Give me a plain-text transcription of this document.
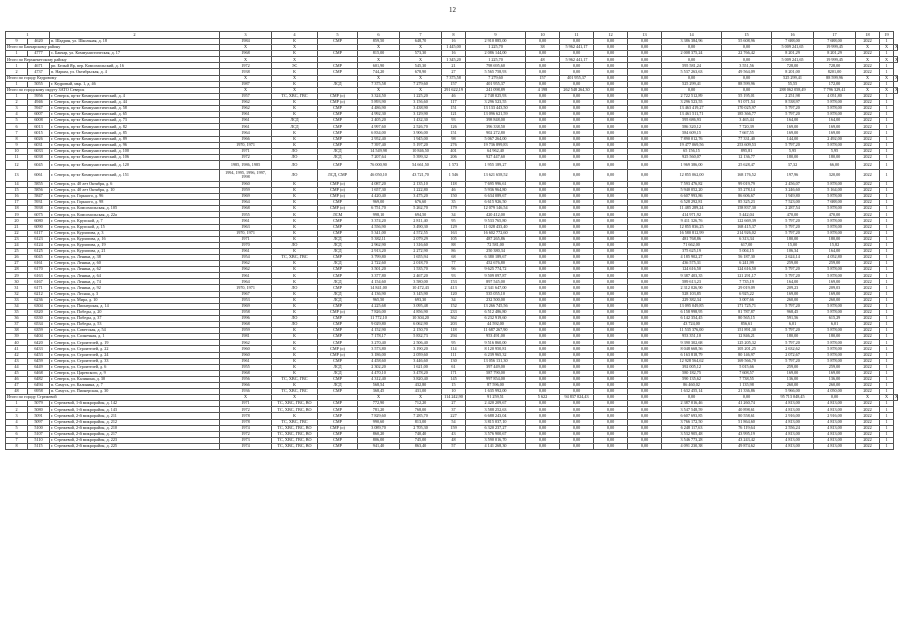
12
1		2	3	4	5	6	7	8	9	10	11	12	13	14	15	16	17	18	19	
9	4620	п. Шадрин, ул. Школьная, д. 18	1984	К	СМР	859,50	648,70	16	2 910 885,00	0,00	0,00	0,00	0,00	3 386 384,96	55 608,96	7 688,00	7 688,00	2022	1	
Итого по Бакчарскому району			X	X		X	X	1 445,00	1 225,70	38	5 962 441,17	0,00	0,00	0,00	0,00	5 009 241,65	19 999,45	X	X	X
1	4777	с. Бакчар, ул. Коммунистическая, д. 17	1968	К	СМР	815,00	573,30	16	2 086 144,00	0,00	0,00	0,00	0,00	2 008 375,24	22 766,42	8 201,29	8 201,29	2022	1	
Итого по Верхнекетскому району			X	X		X	X	1 345,20	1 225,70	48	5 962 441,17	0,00	0,00	0,00	0,00	5 009 241,65	19 999,45	X	X	X
1	4671	рп. Белый Яр, пер. Комсомольский, д. 16	1972	ЭС	СМР	601,90	545,30	21	798 695,60	0,00	0,00	0,00	0,00	595 581,24	3 551,56	728,00	728,00	2022	1	
2	4737	п. Нарым, ул. Октябрьская, д. 4	1938	К	СМР	744,20	678,90	27	5 565 758,93	0,00	0,00	0,00	0,00	5 537 263,63	49 564,09	8 201,00	8201,00	2022	1	
Итого по городу Кедровому			X	X		X	X	7 375,58	7 279,60	157	401 955,37	0,00	0,00	0,00	0,00	525 299,41	88 599,96	X	X	X
1	5055	г. Кедровый, мкр. 1, д. 46	1987	К	ЛСД	7 375,58	7 279,60	157	401 955,37	0,00	0,00	0,00	0,00	525 299,41	88 599,96	55,55	172,00	2022	1	
Итого по городскому округу ЗАТО Северск			X	X		X	X	291 622,19	241 098,89	4 198	262 548 264,30	0,00	0,00	0,00	0,00	288 062 058,49	7 796 329,41	X	X	X
1	5956	г. Северск, пр-кт Коммунистический, д. 4	1957	ТС, ХВС, ГВС	СМР (о)	3 324,50	1 225,20	46	2 748 025,93	0,00	0,00	0,00	0,00	2 722 512,89	55 195,01	2 251,98	4 051,80	2022	1	
2	4946	г. Северск, пр-кт Коммунистический, д. 44	1962	К	СМР (о)	5 893,90	3 156,60	117	3 296 523,55	0,00	0,00	0,00	0,00	3 296 523,55	91 071,54	8 538,97	5 878,00	2022	1	
3	5947	г. Северск, пр-кт Коммунистический, д. 58	1962	К	СМР	4 486,90	3 438,90	151	13 133 443,50	0,00	0,00	0,00	0,00	13 463 419,27	170 025,97	5 797,20	5 878,00	2022	1	
4	6007	г. Северск, пр-кт Коммунистический, д. 65	1961	К	СМР	4 992,30	3 129,90	121	13 096 621,59	0,00	0,00	0,00	0,00	13 461 511,71	185 366,77	5 797,20	5 878,00	2022	1	
5	6008	г. Северск, пр-кт Коммунистический, д. 73	1961	ЛСД	СМР	2 405,20	1 432,30	93	398 848,00	0,00	0,00	0,00	0,00	595 686,93	3 465,44	164,00	164,00	2022	1	
6	6013	г. Северск, пр-кт Коммунистический, д. 82	1961	ЛСД	СМР	4 997,60	2 526,70	126	396 338,50	0,00	0,00	0,00	0,00	586 320,12	7 720,39	169,00	169,00	2022	1	
7	6015	г. Северск, пр-кт Коммунистический, д. 85	1964	К	СМР	6 834,00	3 906,00	151	902 272,80	0,00	0,00	0,00	0,00	584 609,15	7 667,55	169,00	169,00	2022	1	
8	6026	г. Северск, пр-кт Коммунистический, д. 89	1966	К	СМР	2 952,40	1 945,00	98	5 067 264,00	0,00	0,00	0,00	0,00	7 890 012,76	77 331,40	144,00	2 492,00	2022	1	
9	6031	г. Северск, пр-кт Коммунистический, д. 96	1970, 1971	К	СМР	7 397,40	5 197,20	276	19 736 899,83	0,00	0,00	0,00	0,00	19 477 069,56	253 609,53	5 797,20	5 878,00	2022	1	
10	6033	г. Северск, пр-кт Коммунистический, д. 100	1971	ЛО	ЛСД	14 549,98	10 846,50	401	64 962,40	0,00	0,00	0,00	0,00	65 156,15	895,81	5,95	5,95	2022	1	
11	6038	г. Северск, пр-кт Коммунистический, д. 106	1972	ЛО	ЛСД	7 207,64	5 399,32	206	927 447,60	0,00	0,00	0,00	0,00	925 560,07	12 136,77	180,00	180,00	2022	1	
12	6045	г. Северск, пр-кт Коммунистический, д. 120	1985, 1986, 1985	ЛО	СМР	76 000,90	54 661,50	1 573	1 955 189,27	0,00	0,00	0,00	0,00	1 969 386,00	25 628,47	37,32	66,00	2022	1	
13	6061	г. Северск, пр-кт Коммунистический, д. 151	1994, 1995, 1996, 1997, 1998	ЛО	ЛСД, СМР	46 050,10	43 721,70	1 546	13 621 658,52	0,00	0,00	0,00	0,00	12 855 062,00	168 176,52	197,96	320,00	2022	1	
14	5855	г. Северск, ул. 40 лет Октября, д. 6	1960	К	СМР (о)	4 087,20	2 135,10	118	7 695 996,61	0,00	0,00	0,00	0,00	7 593 476,82	99 019,79	2 456,07	5 878,00	2022	1	
15	5856	г. Северск, ул. 40 лет Октября, д. 10	1959	К	СМР (о)	1 657,30	1 222,80	46	5 936 964,80	0,00	0,00	0,00	0,00	5 940 052,20	55 278,14	3 246,60	5 164,00	2022	1	
16	5847	г. Северск, ул. Горького, д. 96	1969	К	СМР (о)	4 420,40	3 475,20	150	6 634 089,67	0,00	0,00	0,00	0,00	6 607 993,86	86 606,67	1 949,80	5 878,00	2022	1	
17	5931	г. Северск, ул. Горького, д. 98	1964	К	СМР	969,00	676,60	35	6 615 926,50	0,00	0,00	0,00	0,00	6 528 292,81	85 325,23	7 523,00	7 688,00	2022	1	
18	5938	г. Северск, ул. Комсомольская, д. 105	1968	К	СМР (о)	6 751,70	5 262,70	179	12 079 146,54	0,00	0,00	0,00	0,00	11 485 289,24	158 837,30	2 287,54	5 878,00	2022	1	
19	6075	г. Северск, ул. Комсомольская, д. 22а	1955	К	ЛСМ	998,10	694,50	34	420 412,00	0,00	0,00	0,00	0,00	414 971,92	5 442,04	470,00	470,00	2022	1	
20	6080	г. Северск, ул. Крупской, д. 7	1961	К	СМР	3 374,20	2 811,40	95	9 533 765,80	0,00	0,00	0,00	0,00	9 411 326,76	122 669,39	5 797,20	5 878,00	2022	1	
21	6090	г. Северск, ул. Крупской, д. 15	1963	К	СМР	4 556,90	3 490,30	129	11 028 433,40	0,00	0,00	0,00	0,00	12 855 836,25	168 415,37	5 797,20	5 878,00	2022	1	
22	6117	г. Северск, ул. Курчатова, д. 3	1970, 1971	К	СМР	5 341,00	4 572,55	163	16 602 772,60	0,00	0,00	0,00	0,00	16 580 812,99	214 926,02	5 797,20	5 878,00	2022	1	
23	6123	г. Северск, ул. Курчатова, д. 16	1971	К	ЛСД	5 382,11	2 079,29	105	487 265,86	0,00	0,00	0,00	0,00	481 768,86	6 313,34	180,00	180,00	2022	1	
24	6124	г. Северск, ул. Курчатова, д. 19	1970	ЛО	ЛСД	2 962,90	1 316,60	88	72 581,00	0,00	0,00	0,00	0,00	71 662,00	617,00	15,00	15,82	2022	1	
25	6125	г. Северск, ул. Курчатова, д. 21	1961	К	ЛСД	2 913,20	2 272,90	86	250 380,34	0,00	0,00	0,00	0,00	375 625,19	5 004,15	106,34	164,00	2022	1	
26	6045	г. Северск, ул. Ленина, д. 38	1954	ТС, ХВС, ГВС	СМР	3 799,80	1 655,94	68	6 380 189,67	0,00	0,00	0,00	0,00	4 185 902,27	56 187,30	2 624,14	4 052,80	2022	1	
27	6161	г. Северск, ул. Ленина, д. 60	1962	К	ЛСД	2 722,60	2 018,70	77	452 676,80	0,00	0,00	0,00	0,00	436 575,31	6 241,99	259,00	259,00	2022	1	
28	6170	г. Северск, ул. Ленина, д. 62	1962	К	СМР	3 501,20	1 535,70	96	9 625 774,72	0,00	0,00	0,00	0,00	124 616,50	124 616,50	5 797,20	5 878,00	2022	1	
29	6163	г. Северск, ул. Ленина, д. 64	1961	К	СМР	3 377,80	2 467,20	93	9 509 097,87	0,00	0,00	0,00	0,00	9 387 403,35	121 291,17	5 797,20	5 878,00	2022	1	
30	6167	г. Северск, ул. Ленина, д. 74	1964	К	ЛСД	4 154,60	3 580,00	153	897 545,00	0,00	0,00	0,00	0,00	589 613,23	7 735,19	164,00	169,00	2022	1	
31	6171	г. Северск, ул. Ленина, д. 92	1970, 1971	ЛО	СМР	14 841,00	10 472,43	413	2 341 647,00	0,00	0,00	0,00	0,00	2 312 026,90	29 019,09	209,23	209,03	2022	1	
32	6212	г. Северск, ул. Лесная, д. 3	1967	К	ЛСД	4 136,90	3 145,90	120	535 055,10	0,00	0,00	0,00	0,00	528 103,85	6 925,22	169,00	169,00	2022	1	
33	6236	г. Северск, ул. Мира, д. 10	1953	К	ЛСД	965,50	693,30	34	232 500,00	0,00	0,00	0,00	0,00	229 382,34	3 007,66	260,00	260,00	2022	1	
34	6304	г. Северск, ул. Пионерская, д. 14	1969	К	СМР	4 225,68	3 095,48	152	13 266 745,56	0,00	0,00	0,00	0,00	13 095 049,85	171 725,71	5 797,20	5 878,00	2022	1	
35	6320	г. Северск, ул. Победы, д. 20	1958	К	СМР (о)	7 826,00	4 856,90	233	6 512 486,80	0,00	0,00	0,00	0,00	6 158 998,95	81 787,87	968,45	5 878,00	2022	1	
36	6330	г. Северск, ул. Победы, д. 37	1996	ЛО	СМР	11 772,10	10 304,20	362	6 232 919,60	0,00	0,00	0,00	0,00	6 142 354,45	80 565,15	591,56	615,29	2022	1	
37	6534	г. Северск, ул. Победы, д. 53	1968	ЛО	СМР	9 029,80	6 062,90	203	44 592,00	0,00	0,00	0,00	0,00	43 724,00	856,61	6,01	6,01	2022	1	
38	6359	г. Северск, ул. Советская, д. 54	1959	К	СМР	4 152,90	2 150,70	118	11 687 267,90	0,00	0,00	0,00	0,00	11 535 376,00	151 891,30	5 797,20	5 878,00	2022	1	
39	6404	г. Северск, ул. Солнечная, д. 1	1981	К	СМР	7 178,17	5 832,73	294	953 491,00	0,00	0,00	0,00	0,00	953 351,10	12 846,21	180,00	180,00	2022	1	
40	6420	г. Северск, ул. Строителей, д. 19	1962	К	СМР	3 270,40	2 506,40	95	9 516 860,00	0,00	0,00	0,00	0,00	9 390 302,68	125 205,32	5 797,20	5 878,00	2022	1	
41	6433	г. Северск, ул. Строителей, д. 22	1960	К	СМР (о)	3 573,80	3 190,20	114	8 120 950,81	0,00	0,00	0,00	0,00	8 048 668,56	105 201,25	2 632,62	5 878,00	2022	1	
42	6453	г. Северск, ул. Строителей, д. 24	1960	К	СМР (о)	3 186,00	2 059,60	111	6 239 965,32	0,00	0,00	0,00	0,00	6 163 818,79	80 146,97	2 072,67	5 878,00	2022	1	
43	6459	г. Северск, ул. Строителей, д. 33	1961	К	СМР	4 458,60	3 446,60	130	13 056 131,30	0,00	0,00	0,00	0,00	12 928 564,62	169 566,70	5 797,20	5 878,00	2022	1	
44	6449	г. Северск, ул. Строителей, д. 6	1955	К	ЛСД	2 302,20	1 621,00	61	397 449,00	0,00	0,00	0,00	0,00	392 005,12	5 015,66	259,00	259,00	2022	1	
45	6468	г. Северск, ул. Царевского, д. 9	1968	К	ЛСД	4 470,10	3 478,20	171	587 790,00	0,00	0,00	0,00	0,00	580 182,75	7 608,57	169,00	169,00	2022	1	
46	6482	г. Северск, ул. Калинина, д. 30	1956	ТС, ХВС, ГВС	СМР	4 312,40	3 820,40	145	997 854,00	0,00	0,00	0,00	0,00	590 135,62	7 738,55	136,00	136,00	2022	1	
47	6494	п. Самусь, ул. Калинина, д. 7	1966	К	ЛСД	568,54	432,80	15	87 596,00	0,00	0,00	0,00	0,00	86 460,02	1 135,98	260,00	260,00	2022	1	
48	6958	п. Самусь, ул. Пионерская, д. 30	1936	ТС, ХВС, ГВС	СМР	368,45	431,00	10	1 635 992,00	0,00	0,00	0,00	0,00	1 632 455,14	21 336,86	5 966,00	4 050,00	2022	1	
Итого по городу Стрежевой			X	X		X	X	114 242,90	91 259,51	5 622	94 837 024,43	0,00	0,00	0,00	0,00	95 713 048,45	0,00	X	X	X
1	5079	г. Стрежевой, 1-й микрорайон, д. 142	1971	ТС, ХВС, ГВС, ВО	СМР	772,90	712,20	27	2 420 209,67	0,00	0,00	0,00	0,00	2 387 016,46	41 260,74	4 813,00	4 813,00	2022	1	
2	5080	г. Стрежевой, 1-й микрорайон, д. 143	1972	ТС, ХВС, ГВС, ВО	СМР	781,20	768,00	37	3 588 252,63	0,00	0,00	0,00	0,00	3 547 548,59	40 898,61	4 813,00	4 813,00	2022	1	
3	5091	г. Стрежевой, 2-й микрорайон, д. 211	1978	К	СМР	7 829,60	7 285,70	227	6 688 243,04	0,00	0,00	0,00	0,00	6 607 693,85	80 558,61	2 916,00	2 916,00	2022	1	
4	5097	г. Стрежевой, 2-й микрорайон, д. 212	1978	ТС, ХВС, ГВС	СМР	990,60	813,00	54	3 815 037,10	0,00	0,00	0,00	0,00	3 766 172,50	51 864,60	4 813,00	4 813,00	2022	1	
5	5100	г. Стрежевой, 2-й микрорайон, д. 210	1974	ТС, ХВС, ГВС, ВО	СМР (о)	3 089,70	2 705,30	159	6 320 237,27	0,00	0,00	0,00	0,00	6 248 117,63	76 119,64	2 556,24	4 813,00	2022	1	
6	5107	г. Стрежевой, 2-й микрорайон, д. 217	1972	ТС, ХВС, ГВС, ВО	СМР	860,20	740,40	43	3 576 900,67	0,00	0,00	0,00	0,00	3 532 905,48	43 995,19	4 813,00	4 813,00	2022	1	
7	5110	г. Стрежевой, 2-й микрорайон, д. 223	1973	ТС, ХВС, ГВС, ВО	СМР	806,00	745,00	48	3 590 016,70	0,00	0,00	0,00	0,00	3 546 773,28	43 243,42	4 813,00	4 813,00	2022	1	
8	5115	г. Стрежевой, 2-й микрорайон, д. 225	1974	ТС, ХВС, ГВС, ВО	СМР	941,40	863,40	57	4 141 268,30	0,00	0,00	0,00	0,00	4 091 230,38	49 874,62	4 813,00	4 813,00	2022	1	
